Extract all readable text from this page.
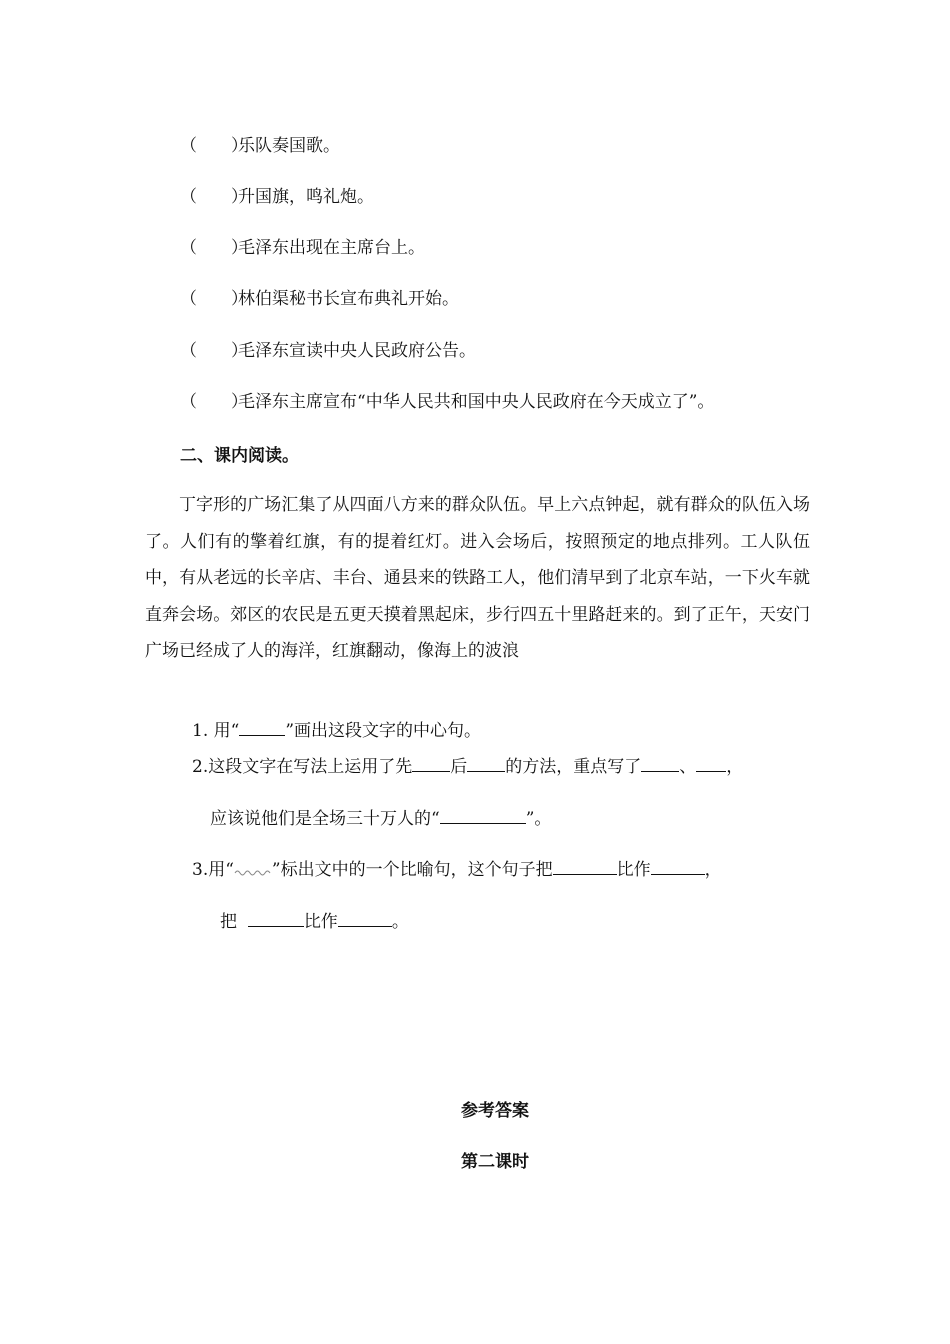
（　　）乐队奏国歌。
（　　）升国旗，鸣礼炮。
（　　）毛泽东出现在主席台上。
（　　）林伯渠秘书长宣布典礼开始。
（　　）毛泽东宣读中央人民政府公告。
（　　）毛泽东主席宣布“中华人民共和国中央人民政府在今天成立了”。
二、课内阅读。

丁字形的广场汇集了从四面八方来的群众队伍。早上六点钟起，就有群众的队伍入场了。人们有的擎着红旗，有的提着红灯。进入会场后，按照预定的地点排列。工人队伍中，有从老远的长辛店、丰台、通县来的铁路工人，他们清早到了北京车站，一下火车就直奔会场。郊区的农民是五更天摸着黑起床，步行四五十里路赶来的。到了正午，天安门广场已经成了人的海洋，红旗翻动，像海上的波浪

1. 用“	”画出这段文字的中心句。
2.这段文字在写法上运用了先 后 的方法，重点写了 、 ，
应该说他们是全场三十万人的“	”。
3.用“ ”标出文中的一个比喻句，这个句子把	比作	，
把	比作	。
参考答案
第二课时
